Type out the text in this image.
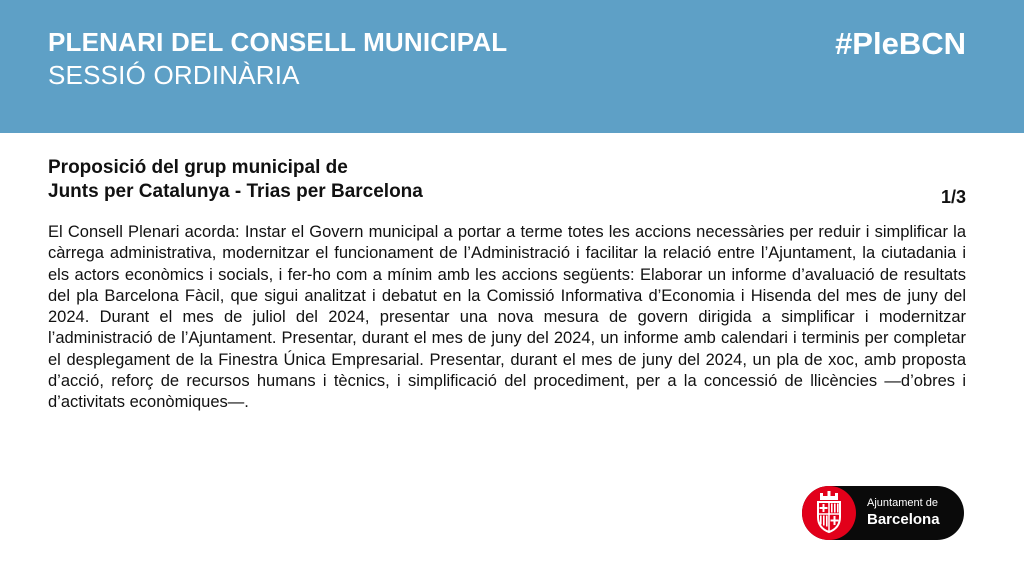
PLENARI DEL CONSELL MUNICIPAL
SESSIÓ ORDINÀRIA
#PleBCN
Proposició del grup municipal de
Junts per Catalunya - Trias per Barcelona	1/3
El Consell Plenari acorda: Instar el Govern municipal a portar a terme totes les accions necessàries per reduir i simplificar la càrrega administrativa, modernitzar el funcionament de l’Administració i facilitar la relació entre l’Ajuntament, la ciutadania i els actors econòmics i socials, i fer-ho com a mínim amb les accions següents: Elaborar un informe d’avaluació de resultats del pla Barcelona Fàcil, que sigui analitzat i debatut en la Comissió Informativa d’Economia i Hisenda del mes de juny del 2024. Durant el mes de juliol del 2024, presentar una nova mesura de govern dirigida a simplificar i modernitzar l’administració de l’Ajuntament. Presentar, durant el mes de juny del 2024, un informe amb calendari i terminis per completar el desplegament de la Finestra Única Empresarial. Presentar, durant el mes de juny del 2024, un pla de xoc, amb proposta d’acció, reforç de recursos humans i tècnics, i simplificació del procediment, per a la concessió de llicències —d’obres i d’activitats econòmiques—.
Ajuntament de
Barcelona
